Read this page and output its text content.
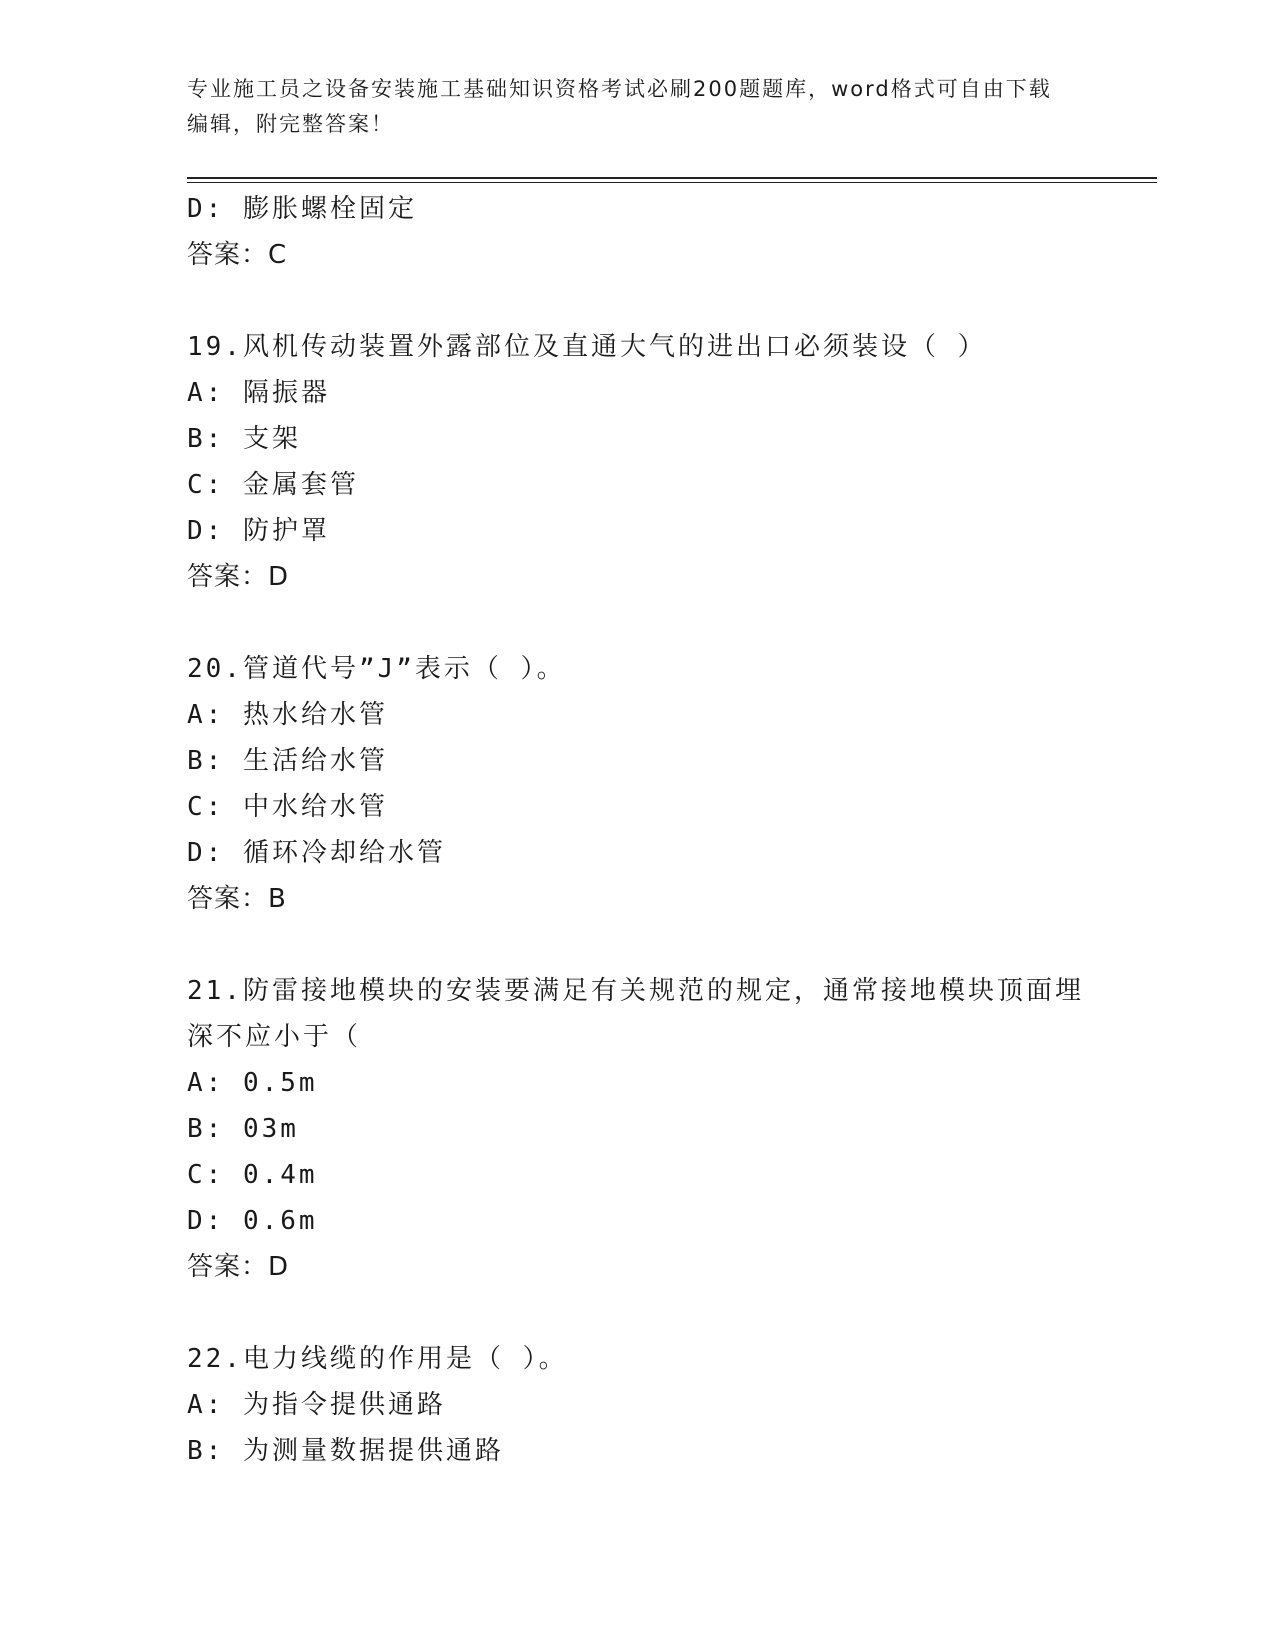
专业施工员之设备安装施工基础知识资格考试必刷200题题库，word格式可自由下载编辑，附完整答案！
D: 膨胀螺栓固定
答案：C
19.风机传动装置外露部位及直通大气的进出口必须装设（ ）
A: 隔振器
B: 支架
C: 金属套管
D: 防护罩
答案：D
20.管道代号”J”表示（ ）。
A: 热水给水管
B: 生活给水管
C: 中水给水管
D: 循环冷却给水管
答案：B
21.防雷接地模块的安装要满足有关规范的规定，通常接地模块顶面埋
深不应小于（
A: 0.5m
B: 03m
C: 0.4m
D: 0.6m
答案：D
22.电力线缆的作用是（ ）。
A: 为指令提供通路
B: 为测量数据提供通路
